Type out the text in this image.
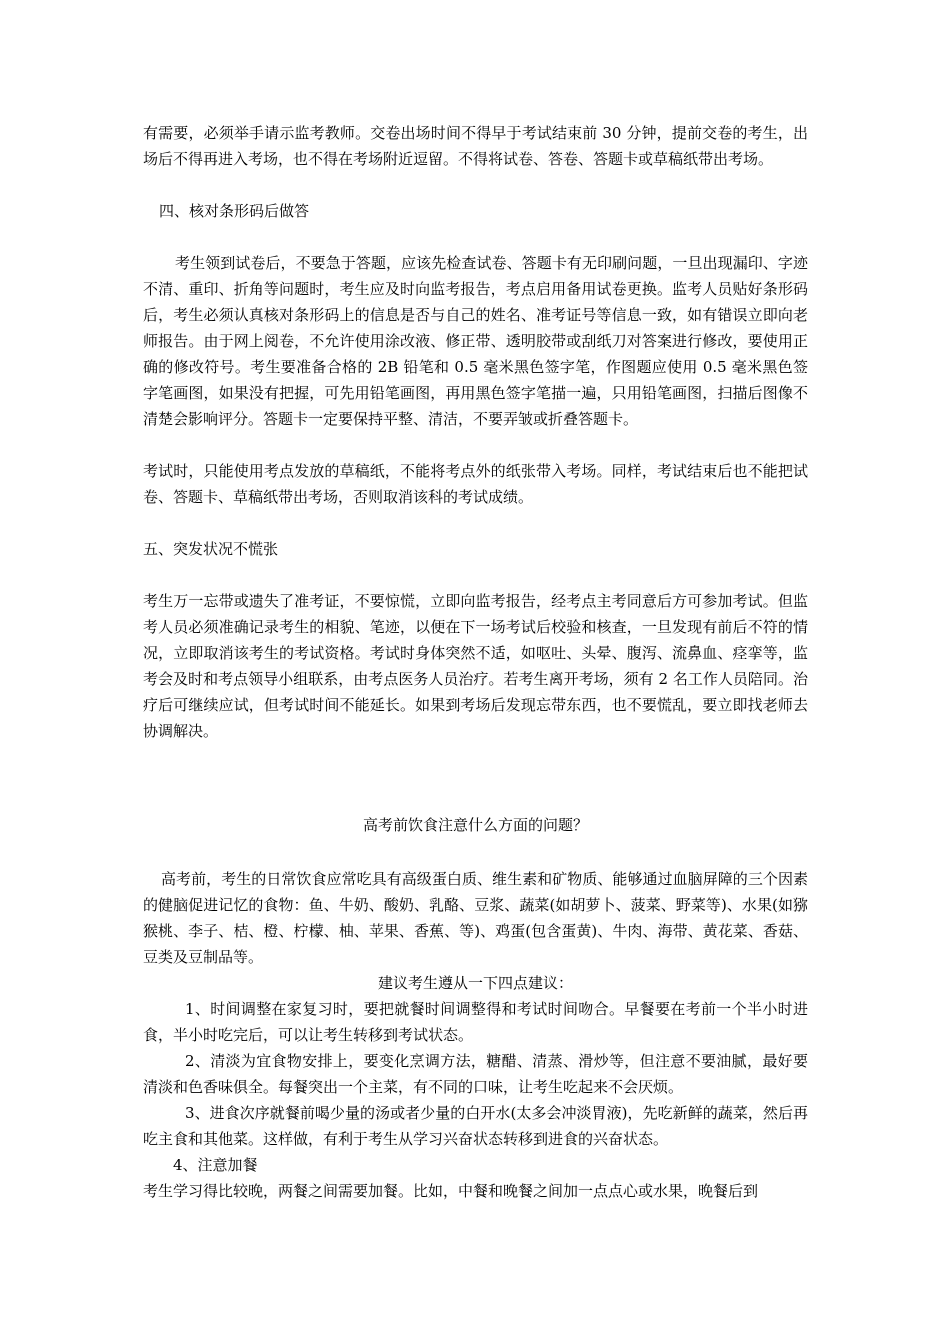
有需要，必须举手请示监考教师。交卷出场时间不得早于考试结束前 30 分钟，提前交卷的考生，出场后不得再进入考场，也不得在考场附近逗留。不得将试卷、答卷、答题卡或草稿纸带出考场。

四、核对条形码后做答

考生领到试卷后，不要急于答题，应该先检查试卷、答题卡有无印刷问题，一旦出现漏印、字迹不清、重印、折角等问题时，考生应及时向监考报告，考点启用备用试卷更换。监考人员贴好条形码后，考生必须认真核对条形码上的信息是否与自己的姓名、准考证号等信息一致，如有错误立即向老师报告。由于网上阅卷，不允许使用涂改液、修正带、透明胶带或刮纸刀对答案进行修改，要使用正确的修改符号。考生要准备合格的 2B 铅笔和 0.5 毫米黑色签字笔，作图题应使用 0.5 毫米黑色签字笔画图，如果没有把握，可先用铅笔画图，再用黑色签字笔描一遍，只用铅笔画图，扫描后图像不清楚会影响评分。答题卡一定要保持平整、清洁，不要弄皱或折叠答题卡。

考试时，只能使用考点发放的草稿纸，不能将考点外的纸张带入考场。同样，考试结束后也不能把试卷、答题卡、草稿纸带出考场，否则取消该科的考试成绩。

五、突发状况不慌张

考生万一忘带或遗失了准考证，不要惊慌，立即向监考报告，经考点主考同意后方可参加考试。但监考人员必须准确记录考生的相貌、笔迹，以便在下一场考试后校验和核查，一旦发现有前后不符的情况，立即取消该考生的考试资格。考试时身体突然不适，如呕吐、头晕、腹泻、流鼻血、痉挛等，监考会及时和考点领导小组联系，由考点医务人员治疗。若考生离开考场，须有 2 名工作人员陪同。治疗后可继续应试，但考试时间不能延长。如果到考场后发现忘带东西，也不要慌乱，要立即找老师去协调解决。

高考前饮食注意什么方面的问题？

高考前，考生的日常饮食应常吃具有高级蛋白质、维生素和矿物质、能够通过血脑屏障的三个因素的健脑促进记忆的食物：鱼、牛奶、酸奶、乳酪、豆浆、蔬菜(如胡萝卜、菠菜、野菜等)、水果(如猕猴桃、李子、桔、橙、柠檬、柚、苹果、香蕉、等)、鸡蛋(包含蛋黄)、牛肉、海带、黄花菜、香菇、豆类及豆制品等。

建议考生遵从一下四点建议：

1、时间调整在家复习时，要把就餐时间调整得和考试时间吻合。早餐要在考前一个半小时进食，半小时吃完后，可以让考生转移到考试状态。

2、清淡为宜食物安排上，要变化烹调方法，糖醋、清蒸、滑炒等，但注意不要油腻，最好要清淡和色香味俱全。每餐突出一个主菜，有不同的口味，让考生吃起来不会厌烦。

3、进食次序就餐前喝少量的汤或者少量的白开水(太多会冲淡胃液)，先吃新鲜的蔬菜，然后再吃主食和其他菜。这样做，有利于考生从学习兴奋状态转移到进食的兴奋状态。

4、注意加餐

考生学习得比较晚，两餐之间需要加餐。比如，中餐和晚餐之间加一点点心或水果，晚餐后到
